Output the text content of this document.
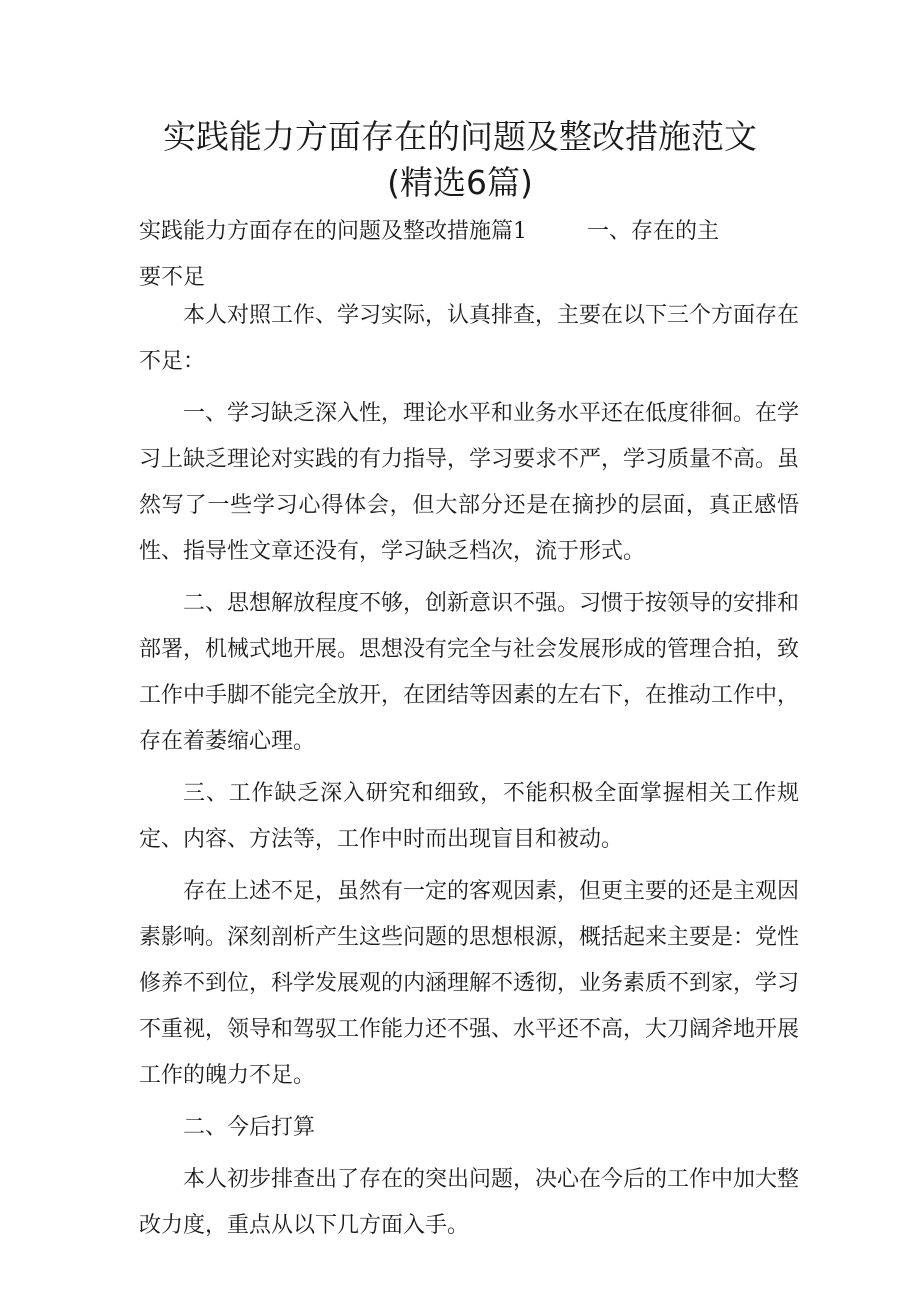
实践能力方面存在的问题及整改措施范文
(精选6篇)
实践能力方面存在的问题及整改措施篇1	一、存在的主
要不足

本人对照工作、学习实际，认真排查，主要在以下三个方面存在不足：

一、学习缺乏深入性，理论水平和业务水平还在低度徘徊。在学习上缺乏理论对实践的有力指导，学习要求不严，学习质量不高。虽然写了一些学习心得体会，但大部分还是在摘抄的层面，真正感悟性、指导性文章还没有，学习缺乏档次，流于形式。

二、思想解放程度不够，创新意识不强。习惯于按领导的安排和部署，机械式地开展。思想没有完全与社会发展形成的管理合拍，致工作中手脚不能完全放开，在团结等因素的左右下，在推动工作中，存在着萎缩心理。

三、工作缺乏深入研究和细致，不能积极全面掌握相关工作规定、内容、方法等，工作中时而出现盲目和被动。

存在上述不足，虽然有一定的客观因素，但更主要的还是主观因素影响。深刻剖析产生这些问题的思想根源，概括起来主要是：党性修养不到位，科学发展观的内涵理解不透彻，业务素质不到家，学习不重视，领导和驾驭工作能力还不强、水平还不高，大刀阔斧地开展工作的魄力不足。

二、今后打算

本人初步排查出了存在的突出问题，决心在今后的工作中加大整改力度，重点从以下几方面入手。
